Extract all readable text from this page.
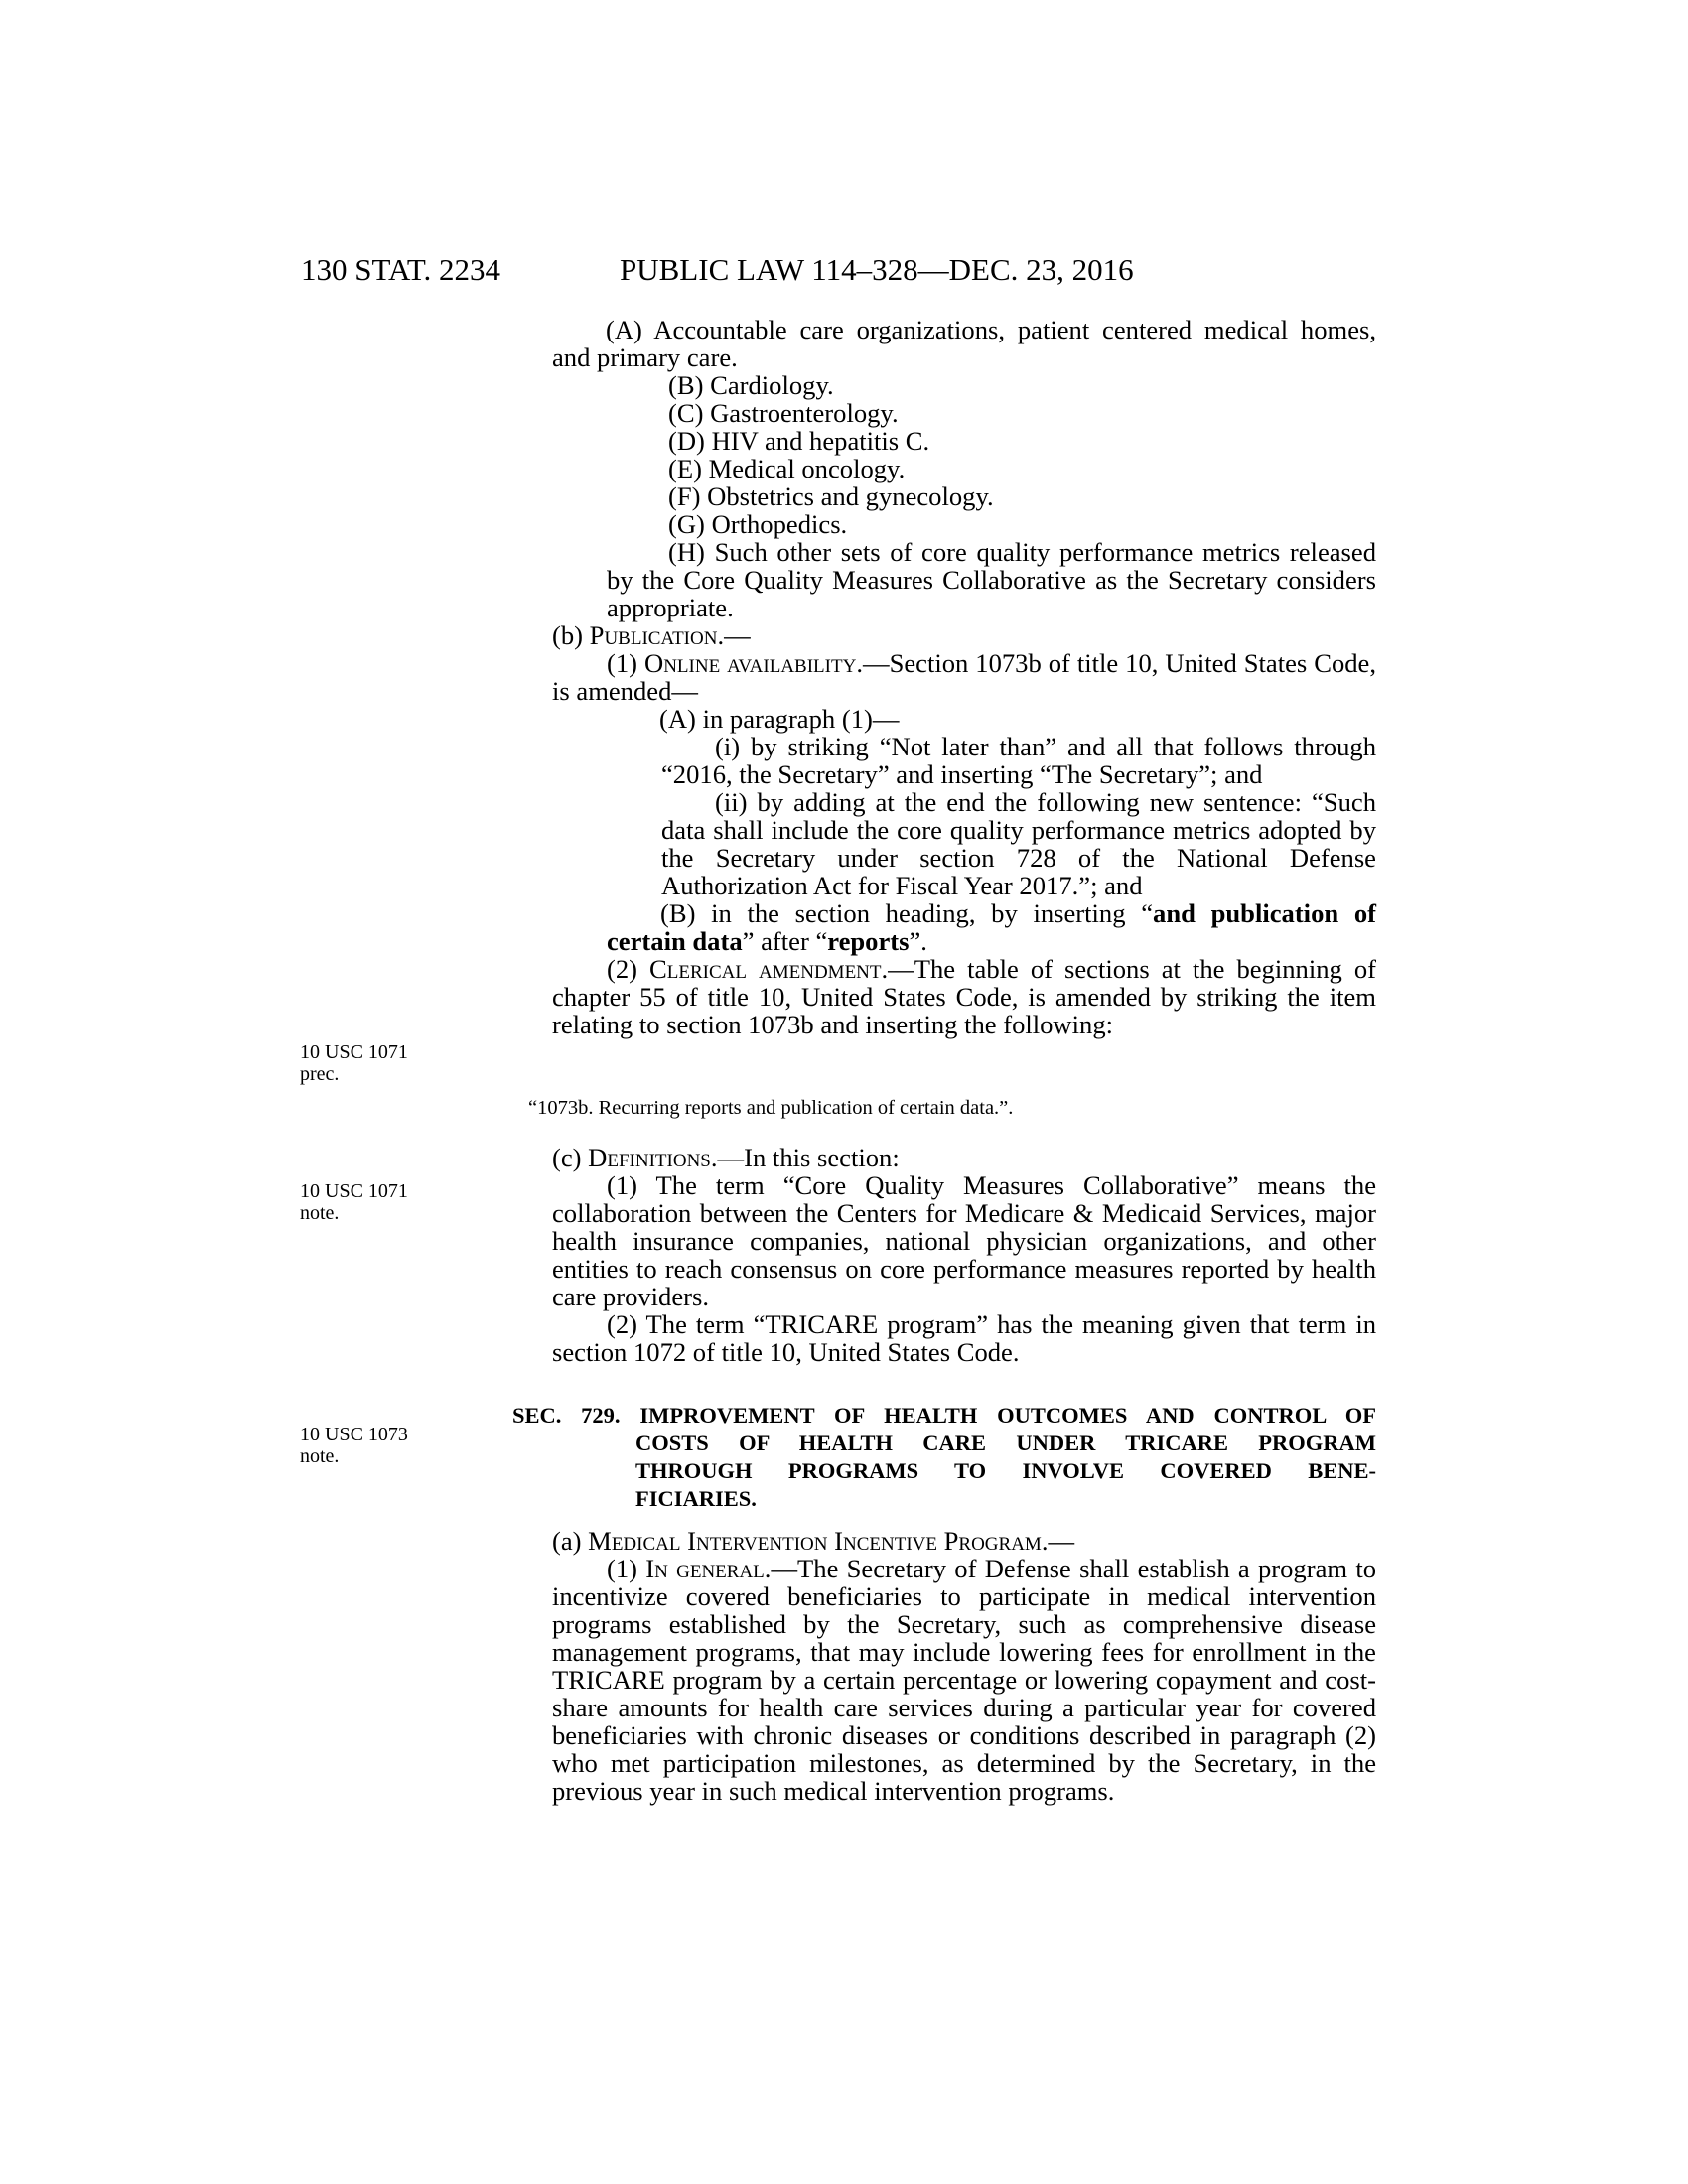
130 STAT. 2234	PUBLIC LAW 114–328—DEC. 23, 2016
10 USC 1071
prec.
10 USC 1071
note.
10 USC 1073
note.

(A) Accountable care organizations, patient centered medical homes, and primary care.

(B) Cardiology.

(C) Gastroenterology.

(D) HIV and hepatitis C.

(E) Medical oncology.

(F) Obstetrics and gynecology.

(G) Orthopedics.

(H) Such other sets of core quality performance metrics released by the Core Quality Measures Collaborative as the Secretary considers appropriate.

(b) Publication.—

(1) Online availability.—Section 1073b of title 10, United States Code, is amended—

(A) in paragraph (1)—

(i) by striking “Not later than” and all that follows through “2016, the Secretary” and inserting “The Secretary”; and

(ii) by adding at the end the following new sentence: “Such data shall include the core quality performance metrics adopted by the Secretary under section 728 of the National Defense Authorization Act for Fiscal Year 2017.”; and

(B) in the section heading, by inserting “and publication of certain data” after “reports”.

(2) Clerical amendment.—The table of sections at the beginning of chapter 55 of title 10, United States Code, is amended by striking the item relating to section 1073b and inserting the following:

“1073b. Recurring reports and publication of certain data.”.

(c) Definitions.—In this section:

(1) The term “Core Quality Measures Collaborative” means the collaboration between the Centers for Medicare & Medicaid Services, major health insurance companies, national physician organizations, and other entities to reach consensus on core performance measures reported by health care providers.

(2) The term “TRICARE program” has the meaning given that term in section 1072 of title 10, United States Code.

SEC. 729. IMPROVEMENT OF HEALTH OUTCOMES AND CONTROL OF
COSTS OF HEALTH CARE UNDER TRICARE PROGRAM
THROUGH PROGRAMS TO INVOLVE COVERED BENE-
FICIARIES.

(a) Medical Intervention Incentive Program.—

(1) In general.—The Secretary of Defense shall establish a program to incentivize covered beneficiaries to participate in medical intervention programs established by the Secretary, such as comprehensive disease management programs, that may include lowering fees for enrollment in the TRICARE program by a certain percentage or lowering copayment and cost-share amounts for health care services during a particular year for covered beneficiaries with chronic diseases or conditions described in paragraph (2) who met participation milestones, as determined by the Secretary, in the previous year in such medical intervention programs.
